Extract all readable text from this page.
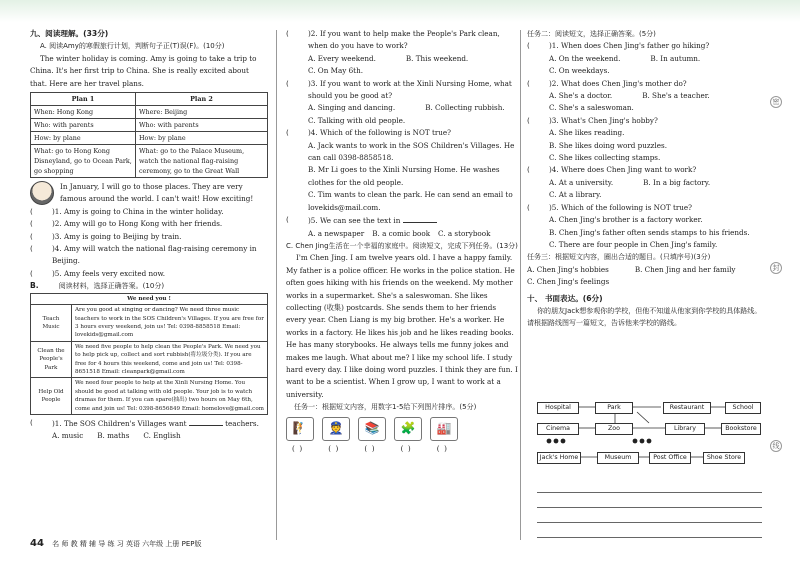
九、阅读理解。(33分)
A. 阅读Amy的寒假旅行计划，判断句子正(T)误(F)。(10分)
The winter holiday is coming. Amy is going to take a trip to China. It's her first trip to China. She is really excited about that. Here are her travel plans.
Plan 1	Plan 2
When: Hong Kong	Where: Beijing
Who: with parents	Who: with parents
How: by plane	How: by plane
What: go to Hong Kong Disneyland, go to Ocean Park, go shopping	What: go to the Palace Museum, watch the national flag-raising ceremony, go to the Great Wall
In January, I will go to those places. They are very famous around the world. I can't wait! How exciting!
(	)1. Amy is going to China in the winter holiday.
(	)2. Amy will go to Hong Kong with her friends.
(	)3. Amy is going to Beijing by train.
(	)4. Amy will watch the national flag-raising ceremony in Beijing.
(	)5. Amy feels very excited now.
B.	阅读材料，选择正确答案。(10分)
We need you !	
Teach Music	Are you good at singing or dancing? We need three music teachers to work in the SOS Children's Villages. If you are free for 3 hours every weekend, join us! Tel: 0398-8858518 Email: lovekids@gmail.com
Clean the People's Park	We need five people to help clean the People's Park. We need you to help pick up, collect and sort rubbish(将垃圾分类). If you are free for 4 hours this weekend, come and join us! Tel: 0398-8651518 Email: cleanpark@gmail.com
Help Old People	We need four people to help at the Xinli Nursing Home. You should be good at talking with old people. Your job is to watch dramas for them. If you can spare(抽出) two hours on May 6th, come and join us! Tel: 0398-8656849 Email: homelove@gmail.com
(	)1. The SOS Children's Villages want	teachers.
A. music B. maths C. English
(	)2. If you want to help make the People's Park clean, when do you have to work?
A. Every weekend.	B. This weekend.
C. On May 6th.
(	)3. If you want to work at the Xinli Nursing Home, what should you be good at?
A. Singing and dancing.	B. Collecting rubbish.
C. Talking with old people.
(	)4. Which of the following is NOT true?
A. Jack wants to work in the SOS Children's Villages. He can call 0398-8858518.
B. Mr Li goes to the Xinli Nursing Home. He washes clothes for the old people.
C. Tim wants to clean the park. He can send an email to lovekids@mail.com.
(	)5. We can see the text in
A. a newspaper B. a comic book C. a storybook
C. Chen Jing生活在一个幸福的家庭中。阅读短文，完成下列任务。(13分)
I'm Chen Jing. I am twelve years old. I have a happy family. My father is a police officer. He works in the police station. He often goes hiking with his friends on the weekend. My mother works in a supermarket. She's a saleswoman. She likes collecting (收集) postcards. She sends them to her friends every year. Chen Liang is my big brother. He's a worker. He works in a factory. He likes his job and he likes reading books. He has many storybooks. He always tells me funny jokes and makes me laugh. What about me? I like my school life. I study hard every day. I like doing word puzzles. I think they are fun. I want to be a scientist. When I grow up, I want to work at a university.
任务一：根据短文内容，用数字1-5给下列图片排序。(5分)
🧗	👮	📚	🧩	🏭
(  )	(  )	(  )	(  )	(  )
任务二：阅读短文，选择正确答案。(5分)
(	)1. When does Chen Jing's father go hiking?
A. On the weekend.	B. In autumn.
C. On weekdays.
(	)2. What does Chen Jing's mother do?
A. She's a doctor.	B. She's a teacher.
C. She's a saleswoman.
(	)3. What's Chen Jing's hobby?
A. She likes reading.
B. She likes doing word puzzles.
C. She likes collecting stamps.
(	)4. Where does Chen Jing want to work?
A. At a university.	B. In a big factory.
C. At a library.
(	)5. Which of the following is NOT true?
A. Chen Jing's brother is a factory worker.
B. Chen Jing's father often sends stamps to his friends.
C. There are four people in Chen Jing's family.
任务三：根据短文内容，圈出合适的题目。(只填序号)(3分)
A. Chen Jing's hobbies	B. Chen Jing and her family
C. Chen Jing's feelings
十、 书面表达。(6分)
你的朋友Jack想参观你的学校，但他不知道从他家到你学校的具体路线。请根据路线图写一篇短文，告诉他来学校的路线。
Hospital	Park	Restaurant	School
Cinema	Zoo	Library	Bookstore
Jack's Home	Museum	Post Office	Shoe Store
密
封
线
44 名 师 教 精 辅 导 练 习 英语 六年级 上册 PEP版
